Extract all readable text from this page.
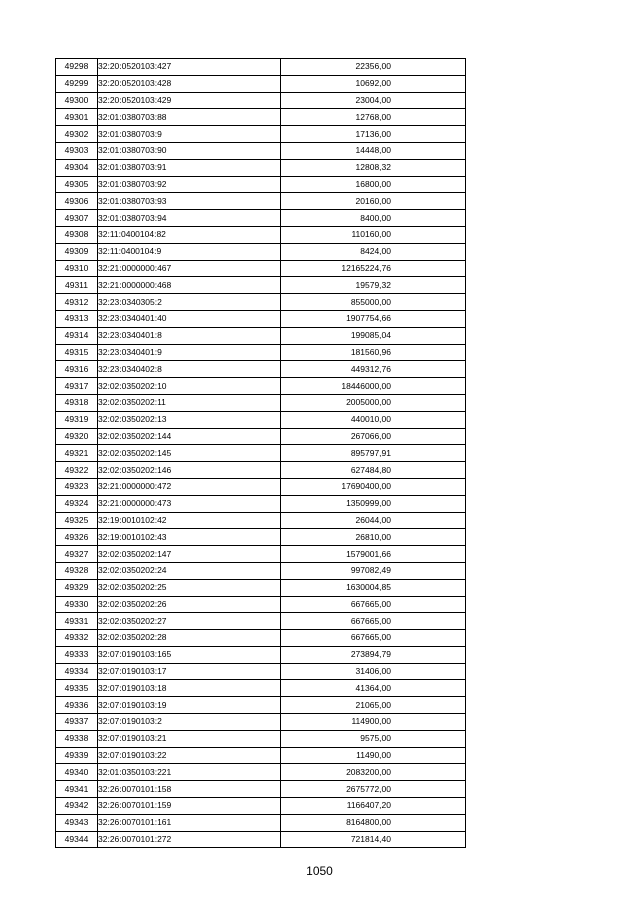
49298	32:20:0520103:427	22356,00
49299	32:20:0520103:428	10692,00
49300	32:20:0520103:429	23004,00
49301	32:01:0380703:88	12768,00
49302	32:01:0380703:9	17136,00
49303	32:01:0380703:90	14448,00
49304	32:01:0380703:91	12808,32
49305	32:01:0380703:92	16800,00
49306	32:01:0380703:93	20160,00
49307	32:01:0380703:94	8400,00
49308	32:11:0400104:82	110160,00
49309	32:11:0400104:9	8424,00
49310	32:21:0000000:467	12165224,76
49311	32:21:0000000:468	19579,32
49312	32:23:0340305:2	855000,00
49313	32:23:0340401:40	1907754,66
49314	32:23:0340401:8	199085,04
49315	32:23:0340401:9	181560,96
49316	32:23:0340402:8	449312,76
49317	32:02:0350202:10	18446000,00
49318	32:02:0350202:11	2005000,00
49319	32:02:0350202:13	440010,00
49320	32:02:0350202:144	267066,00
49321	32:02:0350202:145	895797,91
49322	32:02:0350202:146	627484,80
49323	32:21:0000000:472	17690400,00
49324	32:21:0000000:473	1350999,00
49325	32:19:0010102:42	26044,00
49326	32:19:0010102:43	26810,00
49327	32:02:0350202:147	1579001,66
49328	32:02:0350202:24	997082,49
49329	32:02:0350202:25	1630004,85
49330	32:02:0350202:26	667665,00
49331	32:02:0350202:27	667665,00
49332	32:02:0350202:28	667665,00
49333	32:07:0190103:165	273894,79
49334	32:07:0190103:17	31406,00
49335	32:07:0190103:18	41364,00
49336	32:07:0190103:19	21065,00
49337	32:07:0190103:2	114900,00
49338	32:07:0190103:21	9575,00
49339	32:07:0190103:22	11490,00
49340	32:01:0350103:221	2083200,00
49341	32:26:0070101:158	2675772,00
49342	32:26:0070101:159	1166407,20
49343	32:26:0070101:161	8164800,00
49344	32:26:0070101:272	721814,40
1050
